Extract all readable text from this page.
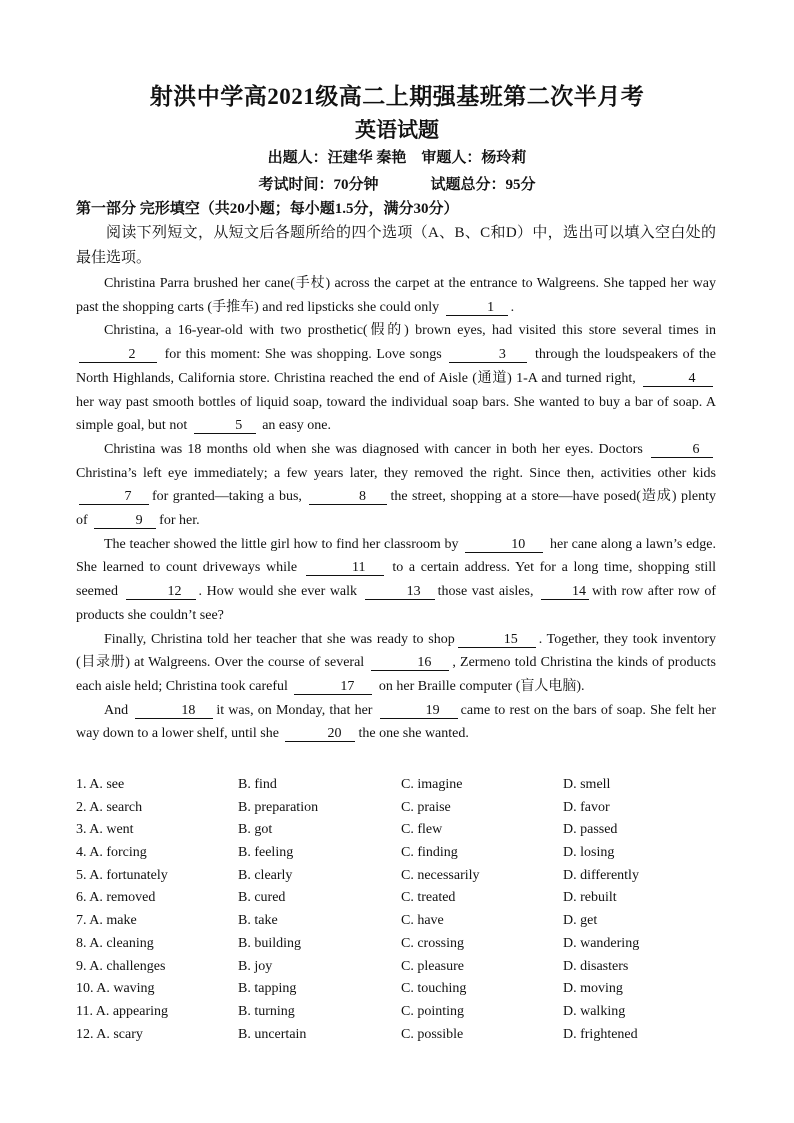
射洪中学高2021级高二上期强基班第二次半月考
英语试题
出题人：汪建华 秦艳 审题人：杨玲莉
考试时间：70分钟	试题总分：95分
第一部分 完形填空（共20小题；每小题1.5分，满分30分）

阅读下列短文，从短文后各题所给的四个选项（A、B、C和D）中，选出可以填入空白处的最佳选项。

Christina Parra brushed her cane(手杖) across the carpet at the entrance to Walgreens. She tapped her way past the shopping carts (手推车) and red lipsticks she could only	1 .

Christina, a 16-year-old with two prosthetic(假的) brown eyes, had visited this store several times in 2 for this moment: She was shopping. Love songs	3 through the loudspeakers of the North Highlands, California store. Christina reached the end of Aisle (通道) 1-A and turned right,	4her way past smooth bottles of liquid soap, toward the individual soap bars. She wanted to buy a bar of soap. A simple goal, but not	5 an easy one.

Christina was 18 months old when she was diagnosed with cancer in both her eyes. Doctors	6Christina’s left eye immediately; a few years later, they removed the right. Since then, activities other kids 7 for granted—taking a bus,	8 the street, shopping at a store—have posed(造成) plenty of	9 for her.

The teacher showed the little girl how to find her classroom by	10 her cane along a lawn’s edge. She learned to count driveways while	11 to a certain address. Yet for a long time, shopping still seemed	12 . How would she ever walk	13 those vast aisles,	14 with row after row of products she couldn’t see?

Finally, Christina told her teacher that she was ready to shop	15 . Together, they took inventory (目录册) at Walgreens. Over the course of several	16 , Zermeno told Christina the kinds of products each aisle held; Christina took careful	17 on her Braille computer (盲人电脑).

And	18 it was, on Monday, that her	19 came to rest on the bars of soap. She felt her way down to a lower shelf, until she	20 the one she wanted.

1. A. see	B. find	C. imagine	D. smell
2. A. search	B. preparation	C. praise	D. favor
3. A. went	B. got	C. flew	D. passed
4. A. forcing	B. feeling	C. finding	D. losing
5. A. fortunately	B. clearly	C. necessarily	D. differently
6. A. removed	B. cured	C. treated	D. rebuilt
7. A. make	B. take	C. have	D. get
8. A. cleaning	B. building	C. crossing	D. wandering
9. A. challenges	B. joy	C. pleasure	D. disasters
10. A. waving	B. tapping	C. touching	D. moving
11. A. appearing	B. turning	C. pointing	D. walking
12. A. scary	B. uncertain	C. possible	D. frightened
